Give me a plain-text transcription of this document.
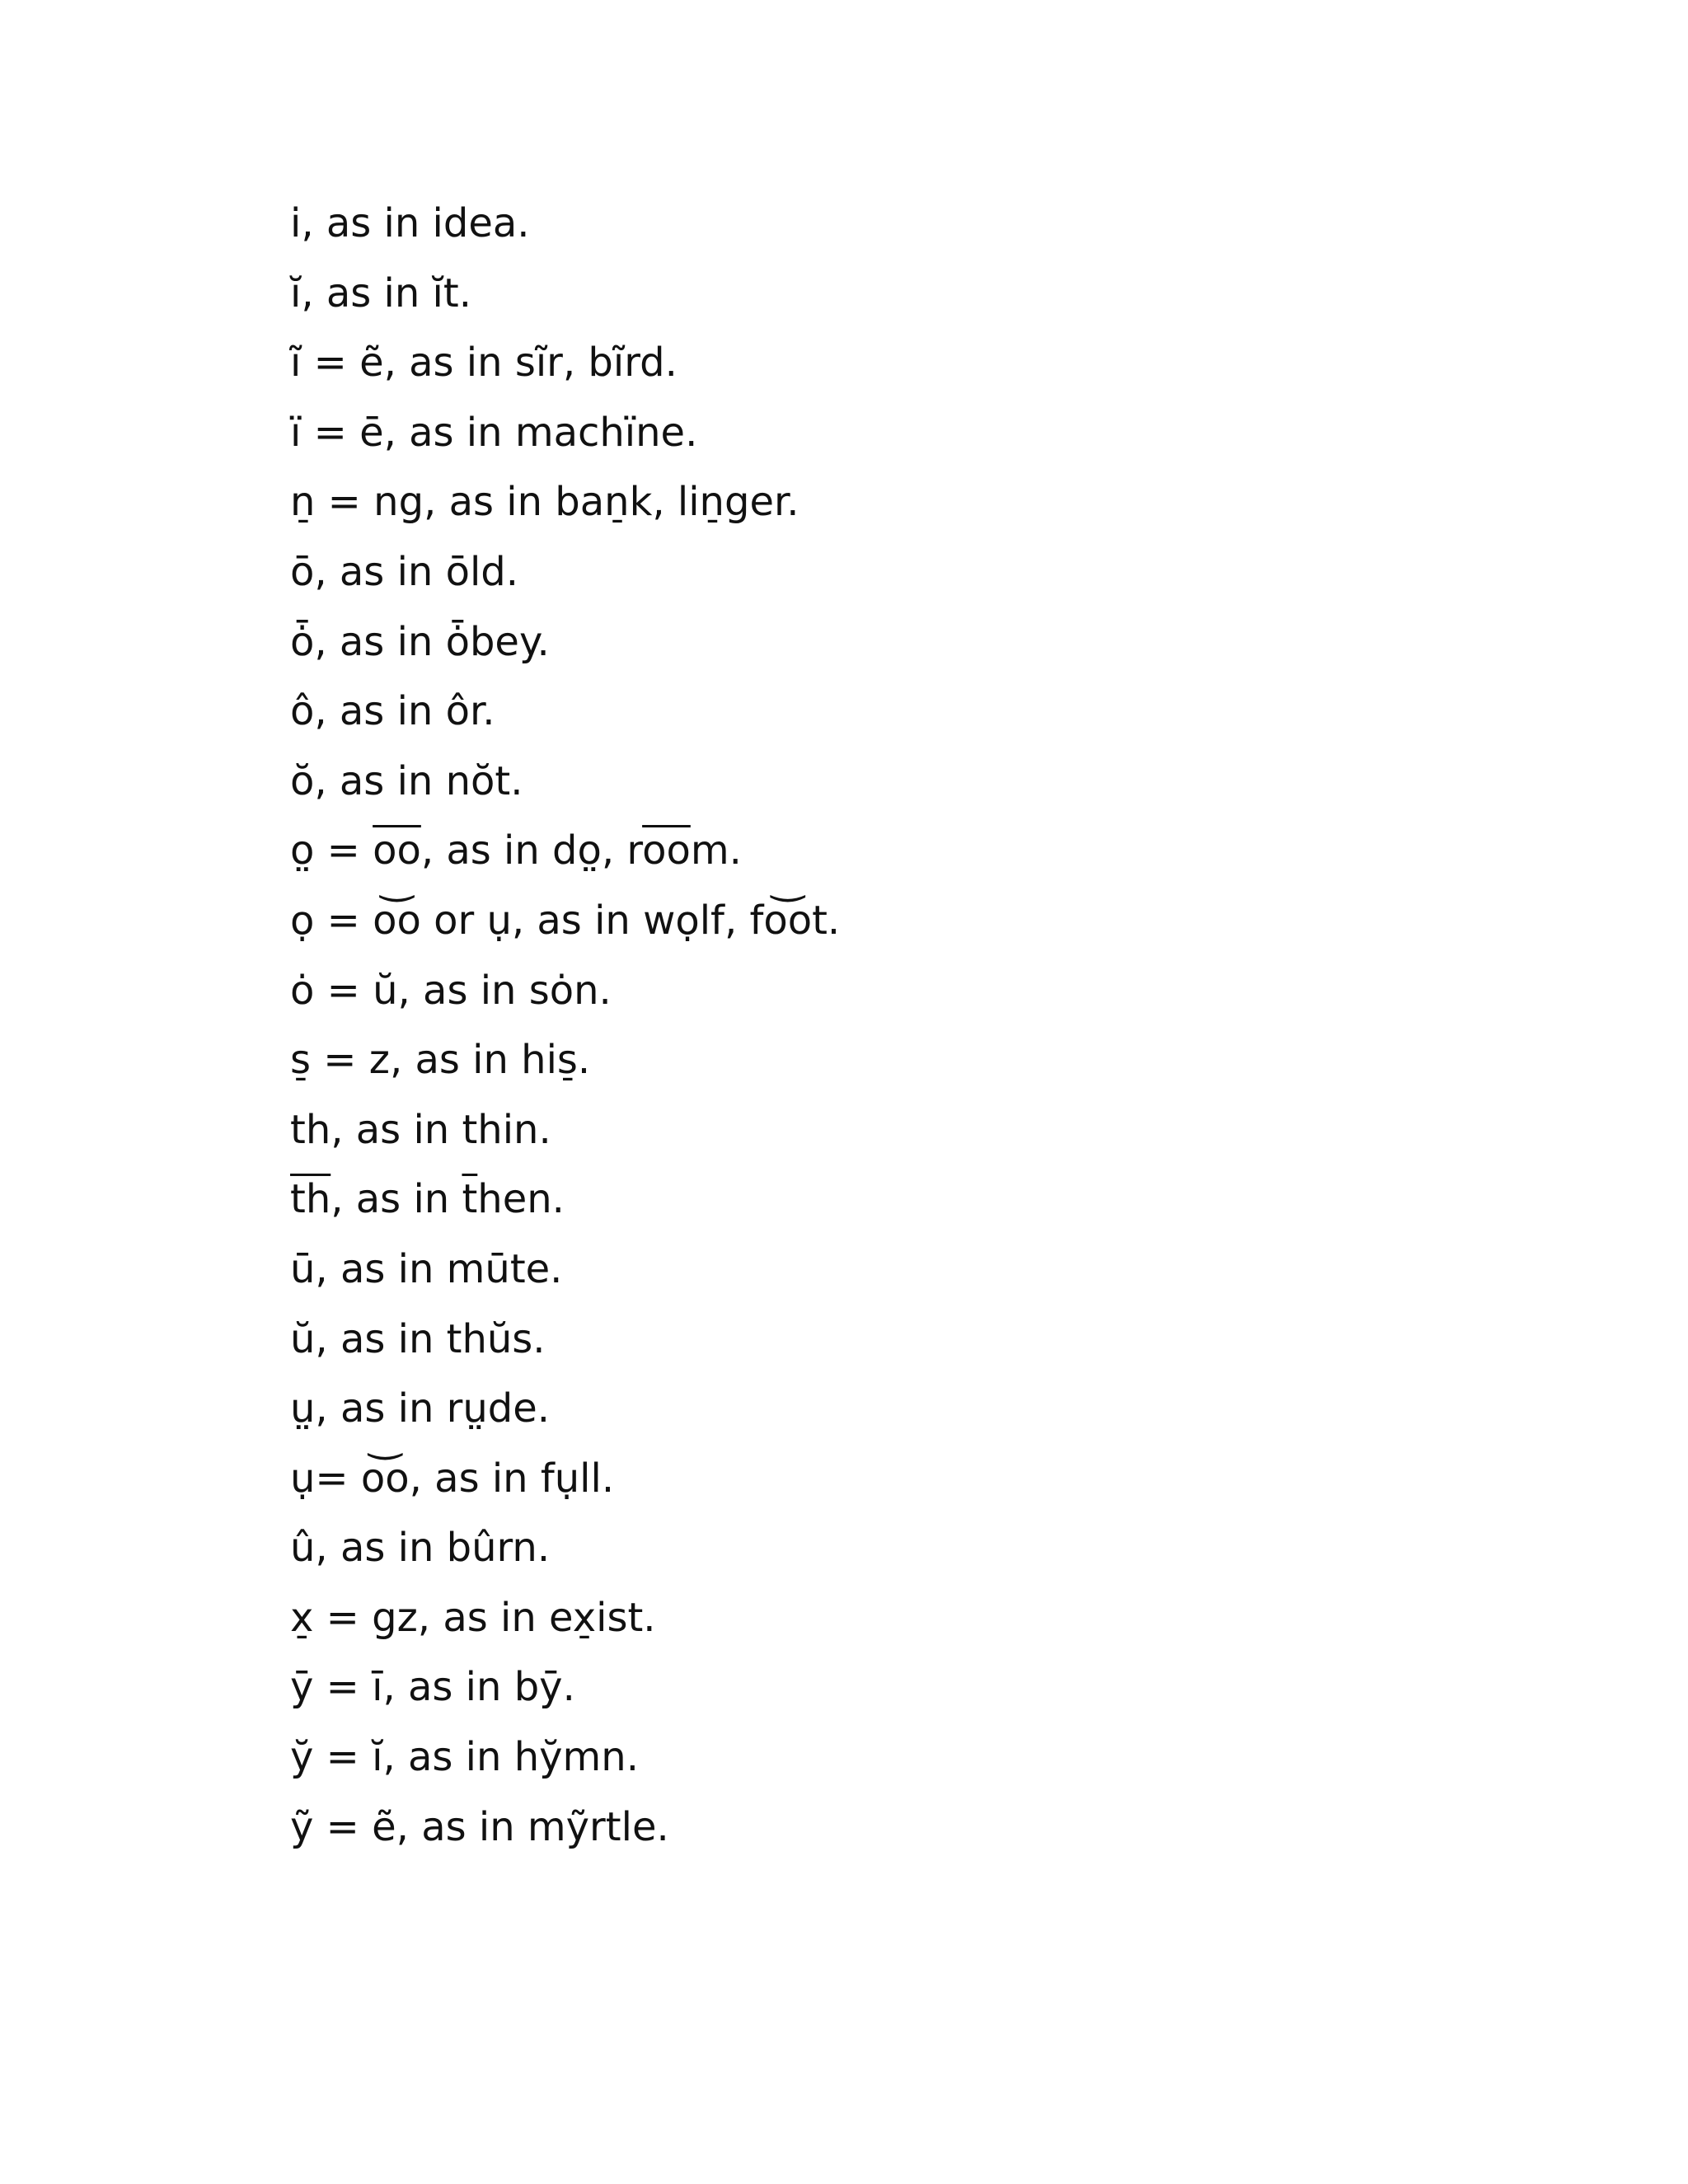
i, as in idea.
ĭ, as in ĭt.
ĩ = ẽ, as in sĩr, bĩrd.
ï = ē, as in machïne.
n̠ = ng, as in ban̠k, lin̠ger.
ō, as in ōld.
ȱ, as in ȱbey.
ô, as in ôr.
ŏ, as in nŏt.
o̤ = $\overline{oo}$, as in do̤, $r\overline{oo}m$.
ọ = o͝o or ụ, as in wọlf, fo͝ot.
ȯ = ŭ, as in sȯn.
s̠ = z, as in his̠.
th, as in thin.
$\overline{th}$, as in $\overline{t}hen$.
ū, as in mūte.
ŭ, as in thŭs.
ṳ, as in rṳde.
ụ= o͝o, as in fụll.
û, as in bûrn.
x̠ = gz, as in ex̠ist.
ȳ = ī, as in bȳ.
y̆ = ĭ, as in hy̆mn.
ỹ = ẽ, as in mỹrtle.
